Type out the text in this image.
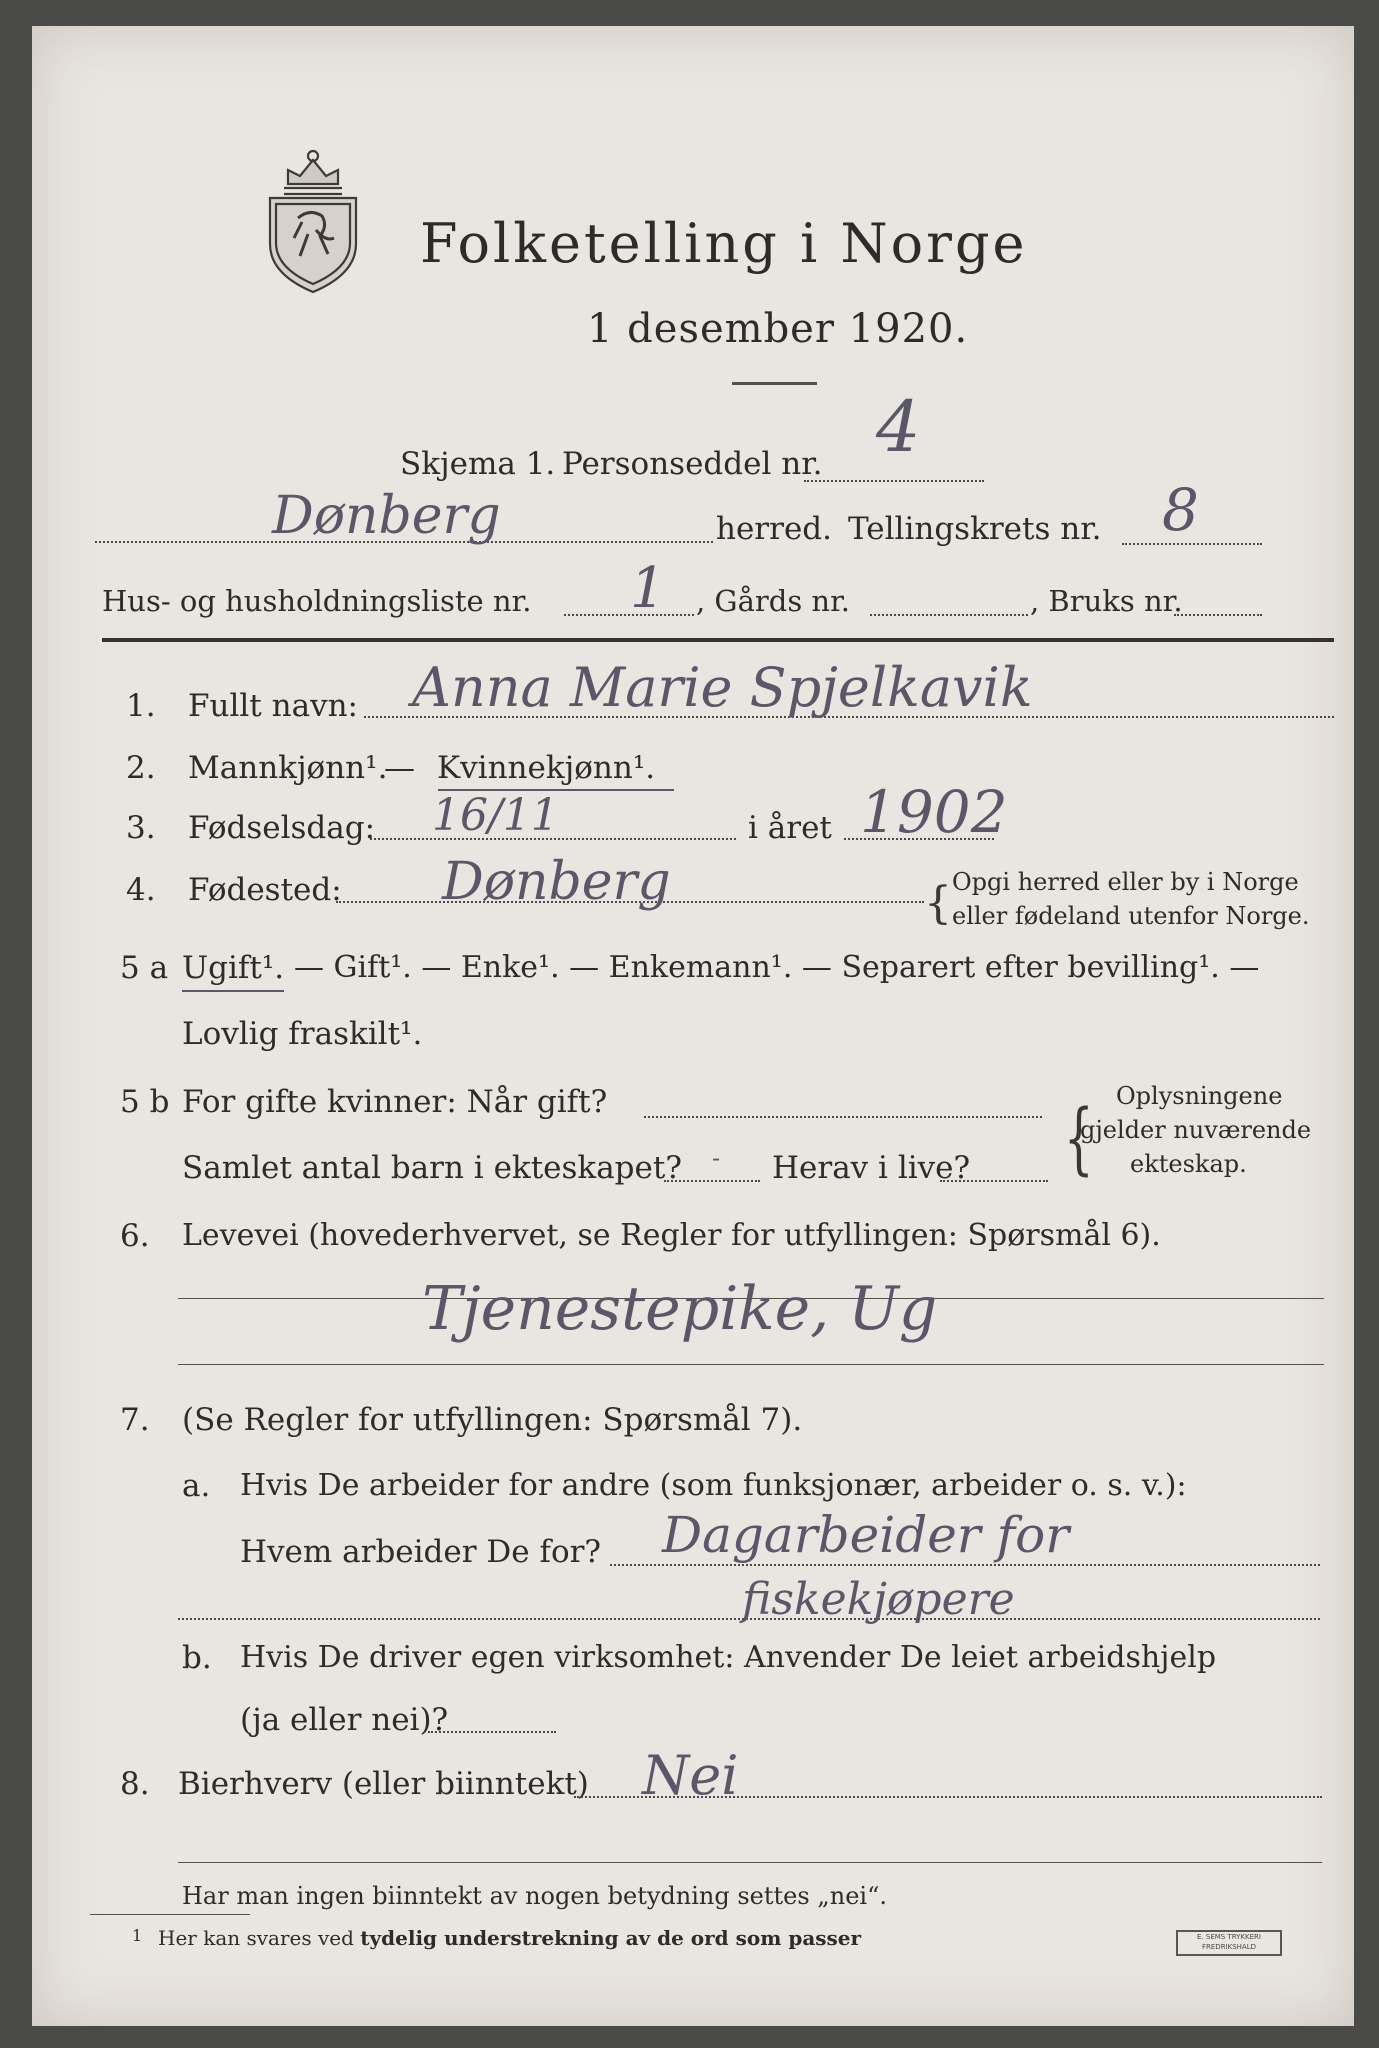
Folketelling i Norge
1 desember 1920.
Skjema 1. Personseddel nr. 4
Dønberg	herred. Tellingskrets nr. 8
Hus- og husholdningsliste nr. 1 , Gårds nr.	, Bruks nr.
1. Fullt navn: Anna Marie Spjelkavik
2. Mannkjønn¹.
— Kvinnekjønn¹.
3. Fødselsdag: 16/11	i året 1902
4. Fødested: Dønberg	{ Opgi herred eller by i Norge
eller fødeland utenfor Norge.
5 a Ugift¹. — Gift¹. — Enke¹. — Enkemann¹. — Separert efter bevilling¹. —
Lovlig fraskilt¹.
5 b For gifte kvinner: Når gift?
Samlet antal barn i ekteskapet? - Herav i live? { Oplysningene
gjelder nuværende
ekteskap.
6. Levevei (hovederhvervet, se Regler for utfyllingen: Spørsmål 6).
Tjenestepike, Ug
7. (Se Regler for utfyllingen: Spørsmål 7).
a. Hvis De arbeider for andre (som funksjonær, arbeider o. s. v.):
Hvem arbeider De for? Dagarbeider for
fiskekjøpere
b. Hvis De driver egen virksomhet: Anvender De leiet arbeidshjelp
(ja eller nei)?
8. Bierhverv (eller biinntekt) Nei
Har man ingen biinntekt av nogen betydning settes „nei“.
1 Her kan svares ved tydelig understrekning av de ord som passer	E. SEMS TRYKKERI FREDRIKSHALD
